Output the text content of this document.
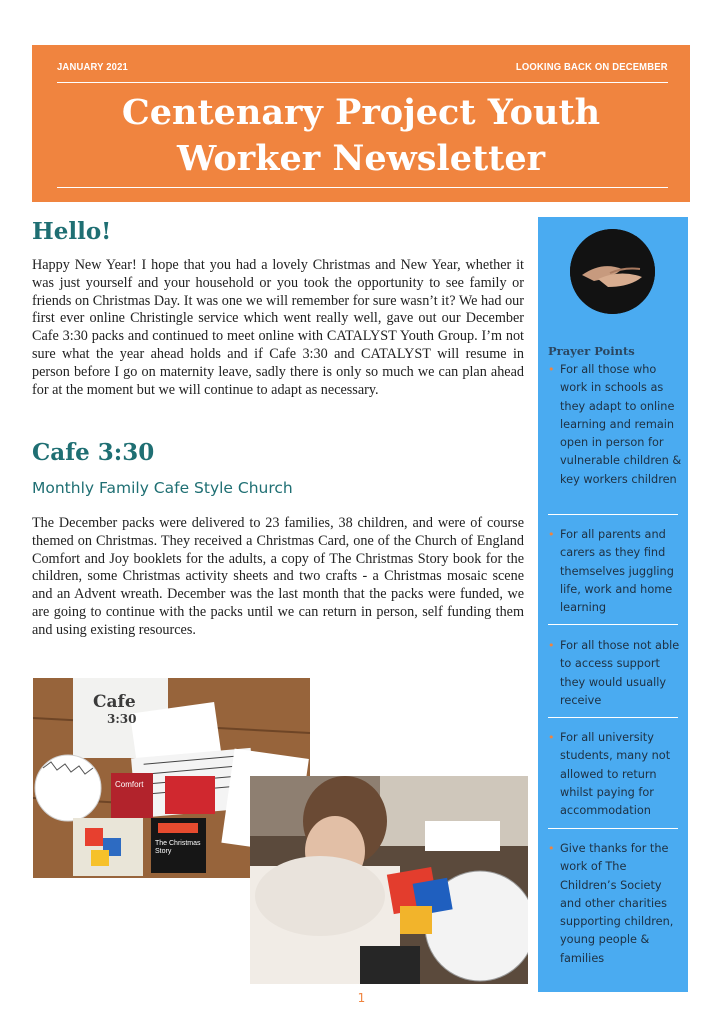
JANUARY 2021	LOOKING BACK ON DECEMBER
Centenary Project Youth
Worker Newsletter
Hello!

Happy New Year! I hope that you had a lovely Christmas and New Year, whether it was just yourself and your household or you took the opportunity to see family or friends on Christmas Day. It was one we will remember for sure wasn’t it? We had our first ever online Christingle service which went really well, gave out our December Cafe 3:30 packs and continued to meet online with CATALYST Youth Group. I’m not sure what the year ahead holds and if Cafe 3:30 and CATALYST will resume in person before I go on maternity leave, sadly there is only so much we can plan ahead for at the moment but we will continue to adapt as necessary.

Cafe 3:30
Monthly Family Cafe Style Church

The December packs were delivered to 23 families, 38 children, and were of course themed on Christmas. They received a Christmas Card, one of the Church of England Comfort and Joy booklets for the adults, a copy of The Christmas Story book for the children, some Christmas activity sheets and two crafts - a Christmas mosaic scene and an Advent wreath. December was the last month that the packs were funded, we are going to continue with the packs until we can return in person, self funding them and using existing resources.

Cafe
3:30
Comfort
The Christmas Story
Prayer Points
• For all those who work in schools as they adapt to online learning and remain open in person for vulnerable children & key workers children
• For all parents and carers as they find themselves juggling life, work and home learning
• For all those not able to access support they would usually receive
• For all university students, many not allowed to return whilst paying for accommodation
• Give thanks for the work of The Children’s Society and other charities supporting children, young people & families
1
